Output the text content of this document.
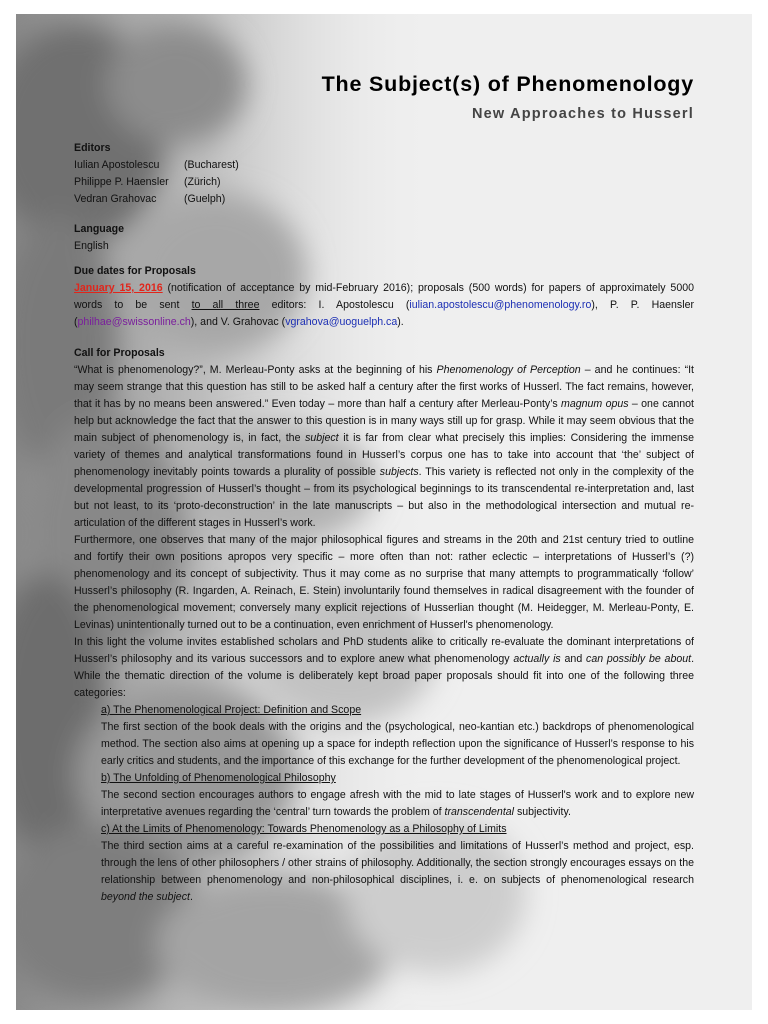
The Subject(s) of Phenomenology
New Approaches to Husserl
Editors
Iulian Apostolescu	(Bucharest)
Philippe P. Haensler	(Zürich)
Vedran Grahovac	(Guelph)
Language
English
Due dates for Proposals

January 15, 2016 (notification of acceptance by mid-February 2016); proposals (500 words) for papers of approximately 5000 words to be sent to all three editors: I. Apostolescu (iulian.apostolescu@phenomenology.ro), P. P. Haensler (philhae@swissonline.ch), and V. Grahovac (vgrahova@uoguelph.ca).

Call for Proposals

“What is phenomenology?”, M. Merleau-Ponty asks at the beginning of his Phenomenology of Perception – and he continues: “It may seem strange that this question has still to be asked half a century after the first works of Husserl. The fact remains, however, that it has by no means been answered.” Even today – more than half a century after Merleau-Ponty’s magnum opus – one cannot help but acknowledge the fact that the answer to this question is in many ways still up for grasp. While it may seem obvious that the main subject of phenomenology is, in fact, the subject it is far from clear what precisely this implies: Considering the immense variety of themes and analytical transformations found in Husserl’s corpus one has to take into account that ‘the’ subject of phenomenology inevitably points towards a plurality of possible subjects. This variety is reflected not only in the complexity of the developmental progression of Husserl’s thought – from its psychological beginnings to its transcendental re-interpretation and, last but not least, to its ‘proto-deconstruction’ in the late manuscripts – but also in the methodological intersection and mutual re-articulation of the different stages in Husserl’s work.

Furthermore, one observes that many of the major philosophical figures and streams in the 20th and 21st century tried to outline and fortify their own positions apropos very specific – more often than not: rather eclectic – interpretations of Husserl’s (?) phenomenology and its concept of subjectivity. Thus it may come as no surprise that many attempts to programmatically ‘follow’ Husserl’s philosophy (R. Ingarden, A. Reinach, E. Stein) involuntarily found themselves in radical disagreement with the founder of the phenomenological movement; conversely many explicit rejections of Husserlian thought (M. Heidegger, M. Merleau-Ponty, E. Levinas) unintentionally turned out to be a continuation, even enrichment of Husserl's phenomenology.

In this light the volume invites established scholars and PhD students alike to critically re-evaluate the dominant interpretations of Husserl’s philosophy and its various successors and to explore anew what phenomenology actually is and can possibly be about. While the thematic direction of the volume is deliberately kept broad paper proposals should fit into one of the following three categories:

a) The Phenomenological Project: Definition and Scope

The first section of the book deals with the origins and the (psychological, neo-kantian etc.) backdrops of phenomenological method. The section also aims at opening up a space for indepth reflection upon the significance of Husserl’s response to his early critics and students, and the importance of this exchange for the further development of the phenomenological project.

b) The Unfolding of Phenomenological Philosophy

The second section encourages authors to engage afresh with the mid to late stages of Husserl's work and to explore new interpretative avenues regarding the ‘central’ turn towards the problem of transcendental subjectivity.

c) At the Limits of Phenomenology: Towards Phenomenology as a Philosophy of Limits

The third section aims at a careful re-examination of the possibilities and limitations of Husserl’s method and project, esp. through the lens of other philosophers / other strains of philosophy. Additionally, the section strongly encourages essays on the relationship between phenomenology and non-philosophical disciplines, i. e. on subjects of phenomenological research beyond the subject.
